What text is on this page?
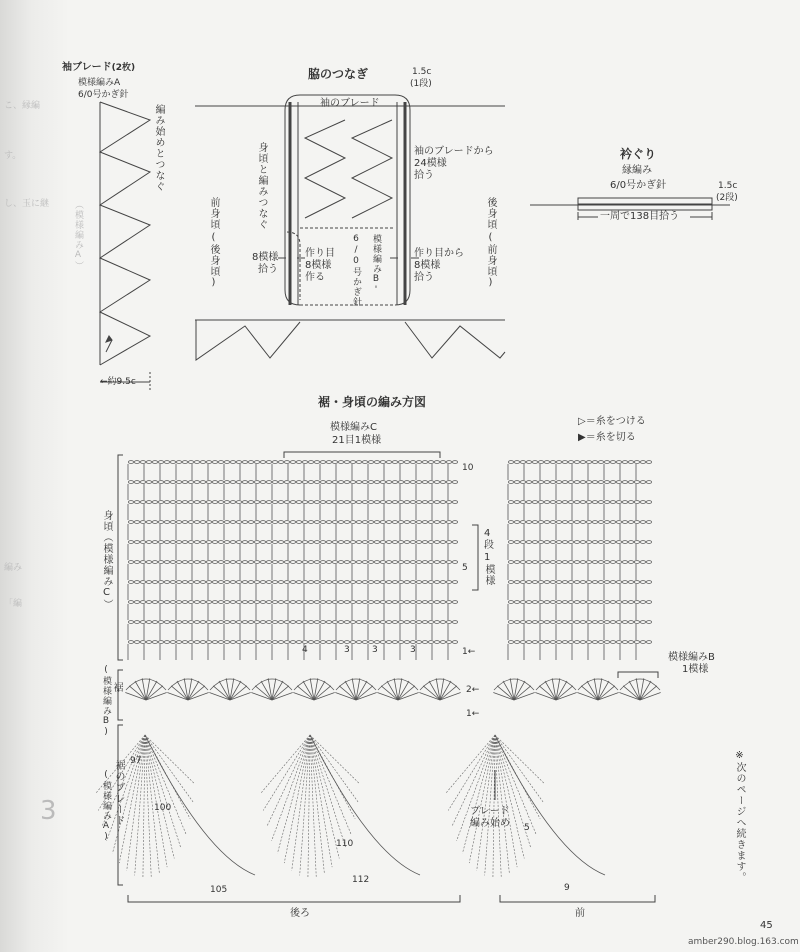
こ、縁編
す。
し、玉に継
編み
「編
3
袖ブレード(2枚)
模様編みA
6/0号かぎ針
編み始めとつなぐ
（模様編みA）
←約9.5c
脇のつなぎ	1.5c
(1段)
袖のブレード
身頃と編みつなぐ
前身頃
(後身頃)	8模様
拾う
作り目
8模様
作る	6/0号かぎ針 模様編みB'
袖のブレードから
24模様
拾う
作り目から
8模様
拾う
後身頃
(前身頃)
衿ぐり
縁編み
6/0号かぎ針	1.5c
(2段)
一周で138目拾う
裾・身頃の編み方図
▷＝糸をつける
▶＝糸を切る
模様編みC
21目1模様
4
段
1
模様
模様編みB
1模様
身頃（模様編みC）
裾
(模様編みB)
裾のブレード
(模様編みA)	ブレード
編み始め
後ろ	前
※次のページへ続きます。
10
5
1←
2←
1←
97
100
105
110
112
5
9
4	3 3	3
45
amber290.blog.163.com
